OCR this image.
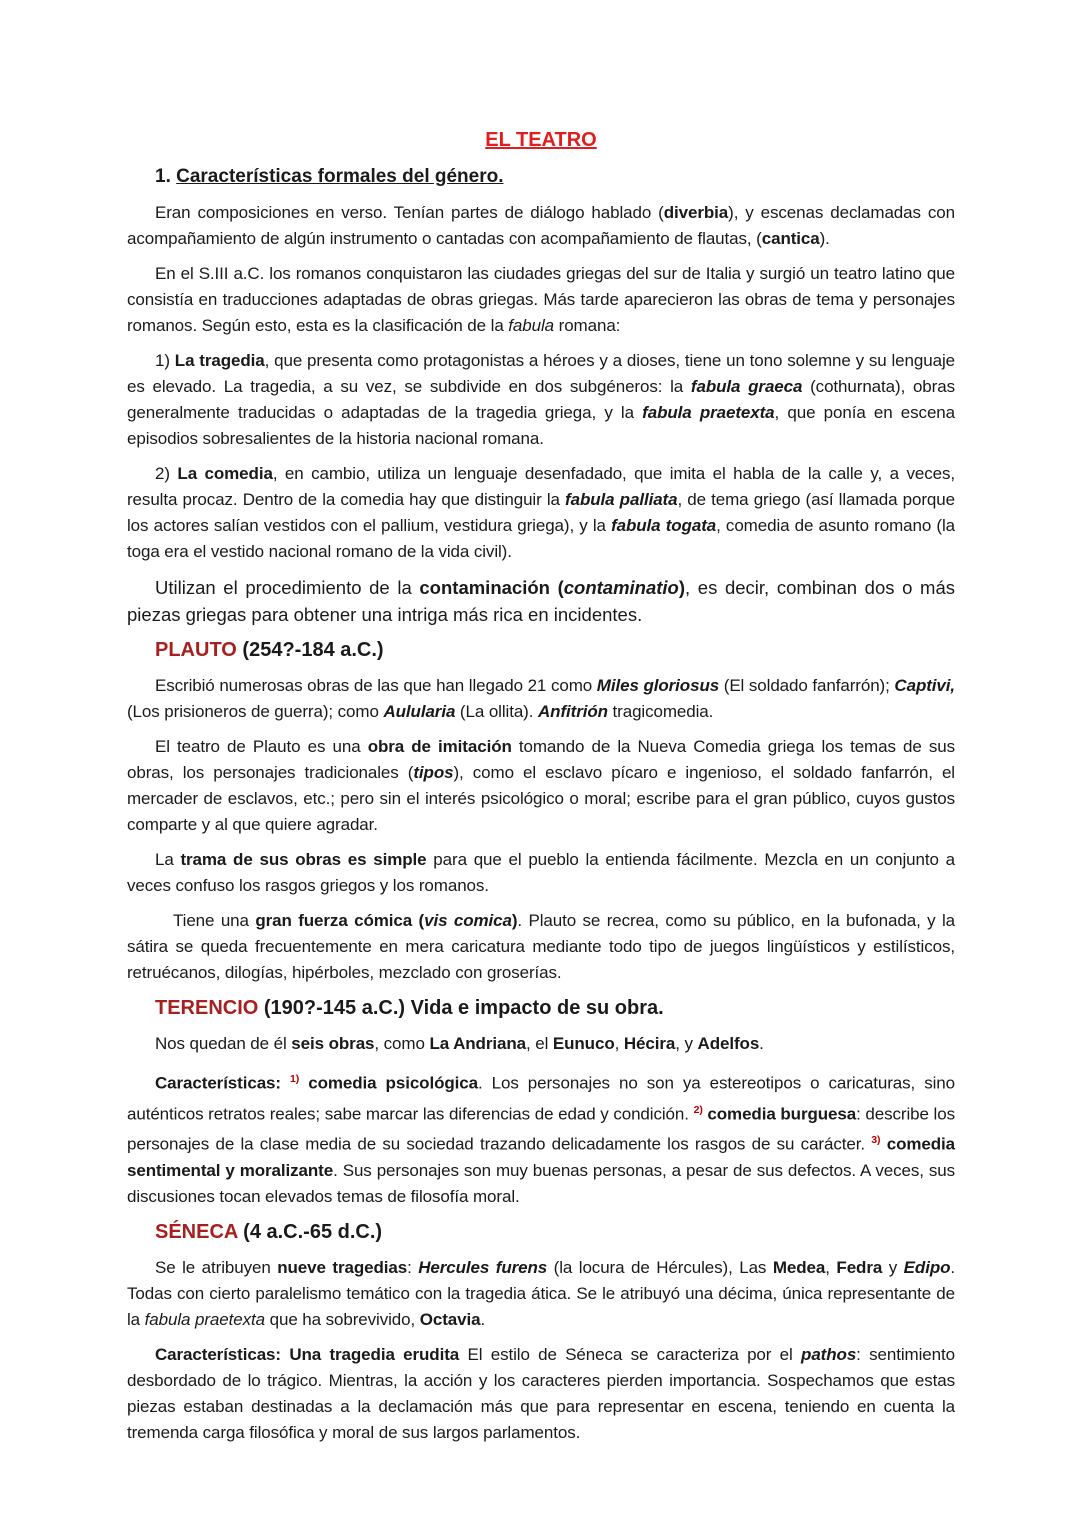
EL TEATRO

1. Características formales del género.

Eran composiciones en verso. Tenían partes de diálogo hablado (diverbia), y escenas declamadas con acompañamiento de algún instrumento o cantadas con acompañamiento de flautas, (cantica).

En el S.III a.C. los romanos conquistaron las ciudades griegas del sur de Italia y surgió un teatro latino que consistía en traducciones adaptadas de obras griegas. Más tarde aparecieron las obras de tema y personajes romanos. Según esto, esta es la clasificación de la fabula romana:

1) La tragedia, que presenta como protagonistas a héroes y a dioses, tiene un tono solemne y su lenguaje es elevado. La tragedia, a su vez, se subdivide en dos subgéneros: la fabula graeca (cothurnata), obras generalmente traducidas o adaptadas de la tragedia griega, y la fabula praetexta, que ponía en escena episodios sobresalientes de la historia nacional romana.

2) La comedia, en cambio, utiliza un lenguaje desenfadado, que imita el habla de la calle y, a veces, resulta procaz. Dentro de la comedia hay que distinguir la fabula palliata, de tema griego (así llamada porque los actores salían vestidos con el pallium, vestidura griega), y la fabula togata, comedia de asunto romano (la toga era el vestido nacional romano de la vida civil).

Utilizan el procedimiento de la contaminación (contaminatio), es decir, combinan dos o más piezas griegas para obtener una intriga más rica en incidentes.

PLAUTO (254?-184 a.C.)

Escribió numerosas obras de las que han llegado 21 como Miles gloriosus (El soldado fanfarrón); Captivi, (Los prisioneros de guerra); como Aulularia (La ollita). Anfitrión tragicomedia.

El teatro de Plauto es una obra de imitación tomando de la Nueva Comedia griega los temas de sus obras, los personajes tradicionales (tipos), como el esclavo pícaro e ingenioso, el soldado fanfarrón, el mercader de esclavos, etc.; pero sin el interés psicológico o moral; escribe para el gran público, cuyos gustos comparte y al que quiere agradar.

La trama de sus obras es simple para que el pueblo la entienda fácilmente. Mezcla en un conjunto a veces confuso los rasgos griegos y los romanos.

Tiene una gran fuerza cómica (vis comica). Plauto se recrea, como su público, en la bufonada, y la sátira se queda frecuentemente en mera caricatura mediante todo tipo de juegos lingüísticos y estilísticos, retruécanos, dilogías, hipérboles, mezclado con groserías.

TERENCIO (190?-145 a.C.) Vida e impacto de su obra.

Nos quedan de él seis obras, como La Andriana, el Eunuco, Hécira, y Adelfos.

Características: $^{1)}$ comedia psicológica. Los personajes no son ya estereotipos o caricaturas, sino auténticos retratos reales; sabe marcar las diferencias de edad y condición. $^{2)}$ comedia burguesa: describe los personajes de la clase media de su sociedad trazando delicadamente los rasgos de su carácter. $^{3)}$ comedia sentimental y moralizante. Sus personajes son muy buenas personas, a pesar de sus defectos. A veces, sus discusiones tocan elevados temas de filosofía moral.

SÉNECA (4 a.C.-65 d.C.)

Se le atribuyen nueve tragedias: Hercules furens (la locura de Hércules), Las Medea, Fedra y Edipo. Todas con cierto paralelismo temático con la tragedia ática. Se le atribuyó una décima, única representante de la fabula praetexta que ha sobrevivido, Octavia.

Características: Una tragedia erudita El estilo de Séneca se caracteriza por el pathos: sentimiento desbordado de lo trágico. Mientras, la acción y los caracteres pierden importancia. Sospechamos que estas piezas estaban destinadas a la declamación más que para representar en escena, teniendo en cuenta la tremenda carga filosófica y moral de sus largos parlamentos.
